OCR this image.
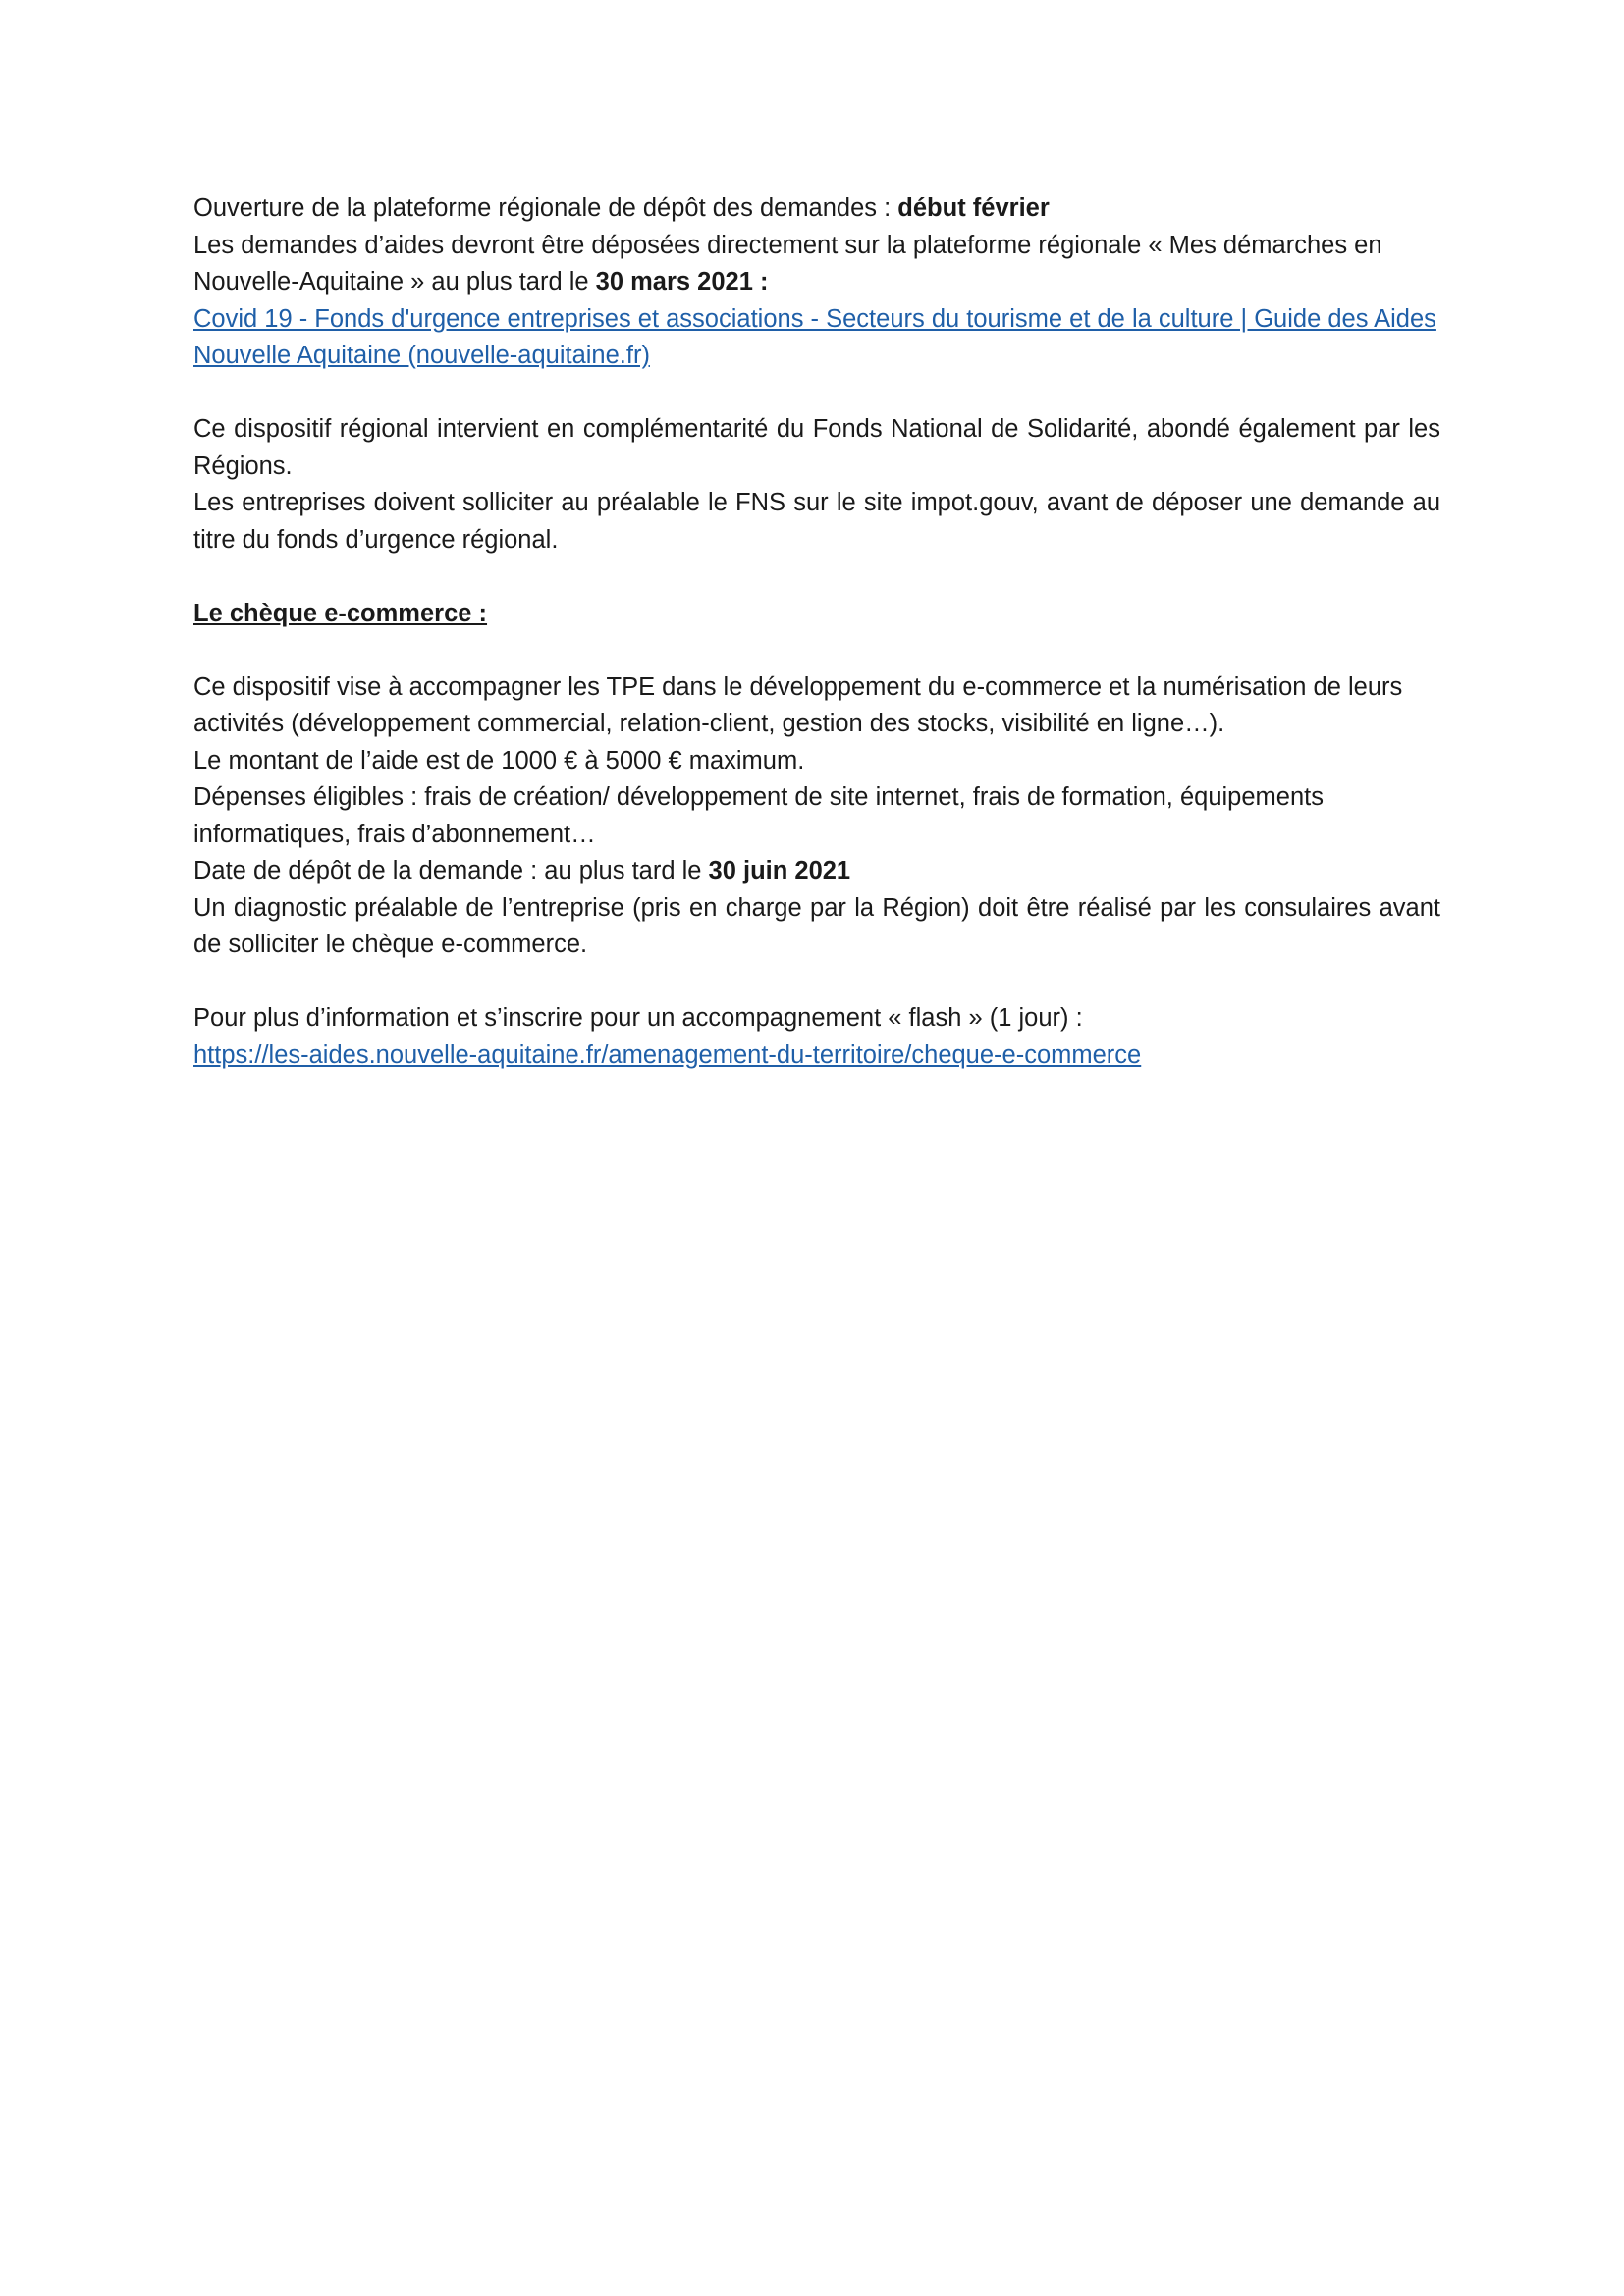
Ouverture de la plateforme régionale de dépôt des demandes : début février

Les demandes d’aides devront être déposées directement sur la plateforme régionale « Mes démarches en Nouvelle-Aquitaine » au plus tard le 30 mars 2021 :

Covid 19 - Fonds d'urgence entreprises et associations - Secteurs du tourisme et de la culture | Guide des Aides Nouvelle Aquitaine (nouvelle-aquitaine.fr)

Ce dispositif régional intervient en complémentarité du Fonds National de Solidarité, abondé également par les Régions.

Les entreprises doivent solliciter au préalable le FNS sur le site impot.gouv, avant de déposer une demande au titre du fonds d’urgence régional.

Le chèque e-commerce :

Ce dispositif vise à accompagner les TPE dans le développement du e-commerce et la numérisation de leurs activités (développement commercial, relation-client, gestion des stocks, visibilité en ligne…).

Le montant de l’aide est de 1000 € à 5000 € maximum.

Dépenses éligibles : frais de création/ développement de site internet, frais de formation, équipements informatiques, frais d’abonnement…

Date de dépôt de la demande : au plus tard le 30 juin 2021

Un diagnostic préalable de l’entreprise (pris en charge par la Région) doit être réalisé par les consulaires avant de solliciter le chèque e-commerce.

Pour plus d’information et s’inscrire pour un accompagnement « flash » (1 jour) :

https://les-aides.nouvelle-aquitaine.fr/amenagement-du-territoire/cheque-e-commerce
